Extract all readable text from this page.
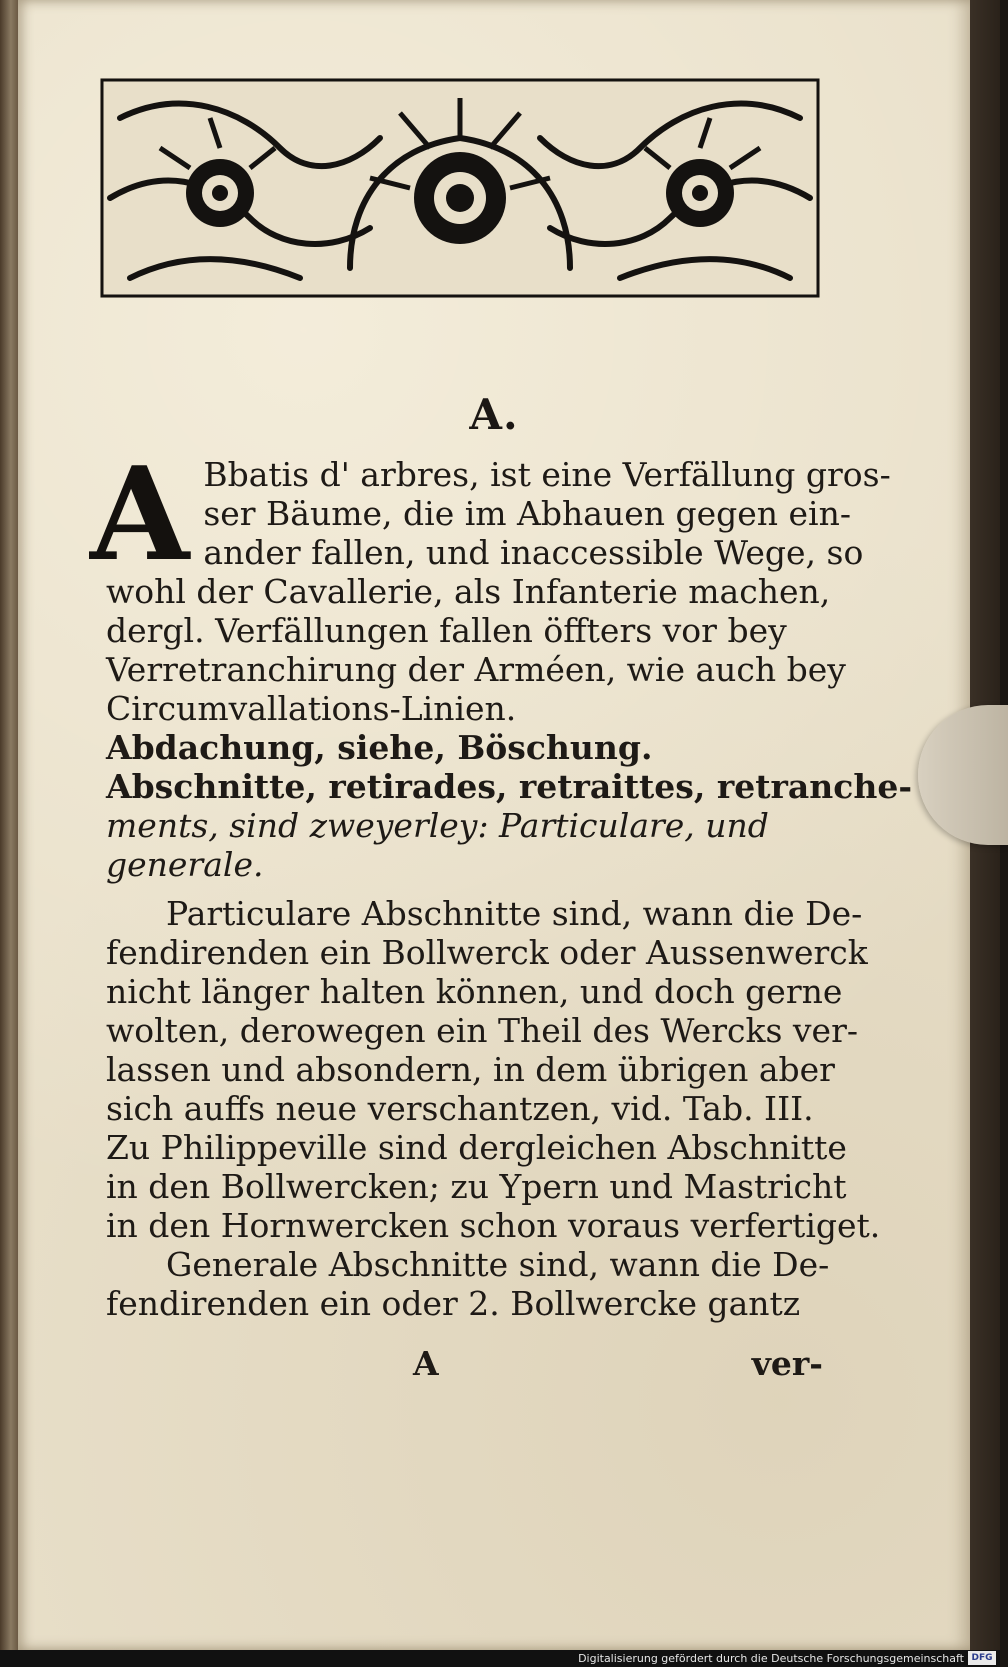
A.
A Bbatis d' arbres, ist eine Verfällung gros-
ser Bäume, die im Abhauen gegen ein-
ander fallen, und inaccessible Wege, so
wohl der Cavallerie, als Infanterie machen,
dergl. Verfällungen fallen öffters vor bey
Verretranchirung der Arméen, wie auch bey
Circumvallations-Linien.
Abdachung, siehe, Böschung.
Abschnitte, retirades, retraittes, retranche-
ments, sind zweyerley: Particulare, und
generale.
Particulare Abschnitte sind, wann die De-
fendirenden ein Bollwerck oder Aussenwerck
nicht länger halten können, und doch gerne
wolten, derowegen ein Theil des Wercks ver-
lassen und absondern, in dem übrigen aber
sich auffs neue verschantzen, vid. Tab. III.
Zu Philippeville sind dergleichen Abschnitte
in den Bollwercken; zu Ypern und Mastricht
in den Hornwercken schon voraus verfertiget.
Generale Abschnitte sind, wann die De-
fendirenden ein oder 2. Bollwercke gantz
A	ver-
Digitalisierung gefördert durch die Deutsche Forschungsgemeinschaft DFG
